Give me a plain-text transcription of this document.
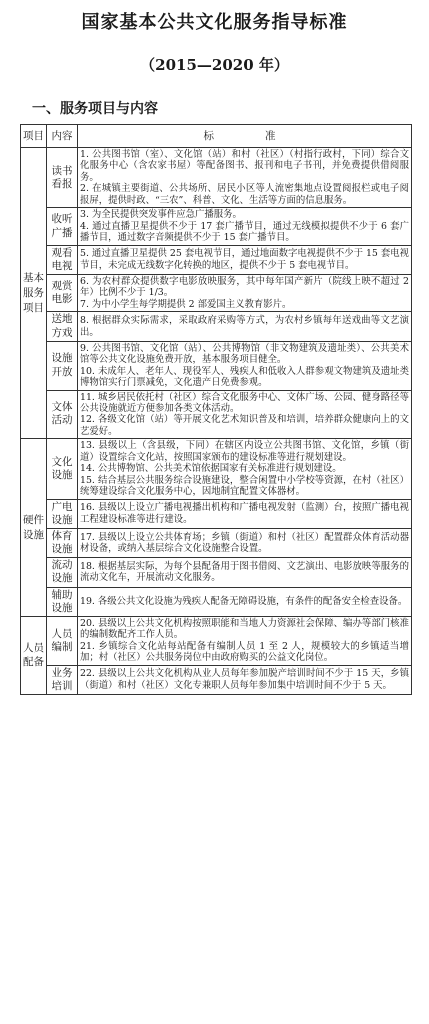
国家基本公共文化服务指导标准
（2015—2020 年）
一、服务项目与内容
项目	内容	标　　准
基本服务项目	读书看报	1. 公共图书馆（室）、文化馆（站）和村（社区）（村指行政村，下同）综合文化服务中心（含农家书屋）等配备图书、报刊和电子书刊，并免费提供借阅服务。
2. 在城镇主要街道、公共场所、居民小区等人流密集地点设置阅报栏或电子阅报屏，提供时政、“三农”、科普、文化、生活等方面的信息服务。

	收听广播	3. 为全民提供突发事件应急广播服务。
4. 通过直播卫星提供不少于 17 套广播节目，通过无线模拟提供不少于 6 套广播节目，通过数字音频提供不少于 15 套广播节目。

	观看电视	5. 通过直播卫星提供 25 套电视节目，通过地面数字电视提供不少于 15 套电视节目，未完成无线数字化转换的地区，提供不少于 5 套电视节目。

	观赏电影	6. 为农村群众提供数字电影放映服务，其中每年国产新片（院线上映不超过 2 年）比例不少于 1/3。
7. 为中小学生每学期提供 2 部爱国主义教育影片。

	送地方戏	8. 根据群众实际需求，采取政府采购等方式，为农村乡镇每年送戏曲等文艺演出。

	设施开放	9. 公共图书馆、文化馆（站）、公共博物馆（非文物建筑及遗址类）、公共美术馆等公共文化设施免费开放，基本服务项目健全。
10. 未成年人、老年人、现役军人、残疾人和低收入人群参观文物建筑及遗址类博物馆实行门票减免，文化遗产日免费参观。

	文体活动	11. 城乡居民依托村（社区）综合文化服务中心、文体广场、公园、健身路径等公共设施就近方便参加各类文体活动。
12. 各级文化馆（站）等开展文化艺术知识普及和培训，培养群众健康向上的文艺爱好。

硬件设施	文化设施	13. 县级以上（含县级，下同）在辖区内设立公共图书馆、文化馆，乡镇（街道）设置综合文化站，按照国家颁布的建设标准等进行规划建设。
14. 公共博物馆、公共美术馆依据国家有关标准进行规划建设。
15. 结合基层公共服务综合设施建设，整合闲置中小学校等资源，在村（社区）统筹建设综合文化服务中心，因地制宜配置文体器材。

	广电设施	16. 县级以上设立广播电视播出机构和广播电视发射（监测）台，按照广播电视工程建设标准等进行建设。

	体育设施	17. 县级以上设立公共体育场；乡镇（街道）和村（社区）配置群众体育活动器材设备，或纳入基层综合文化设施整合设置。

	流动设施	18. 根据基层实际，为每个县配备用于图书借阅、文艺演出、电影放映等服务的流动文化车，开展流动文化服务。

	辅助设施	19. 各级公共文化设施为残疾人配备无障碍设施，有条件的配备安全检查设备。

人员配备	人员编制	20. 县级以上公共文化机构按照职能和当地人力资源社会保障、编办等部门核准的编制数配齐工作人员。
21. 乡镇综合文化站每站配备有编制人员 1 至 2 人，规模较大的乡镇适当增加；村（社区）公共服务岗位中由政府购买的公益文化岗位。

	业务培训	22. 县级以上公共文化机构从业人员每年参加脱产培训时间不少于 15 天，乡镇（街道）和村（社区）文化专兼职人员每年参加集中培训时间不少于 5 天。
